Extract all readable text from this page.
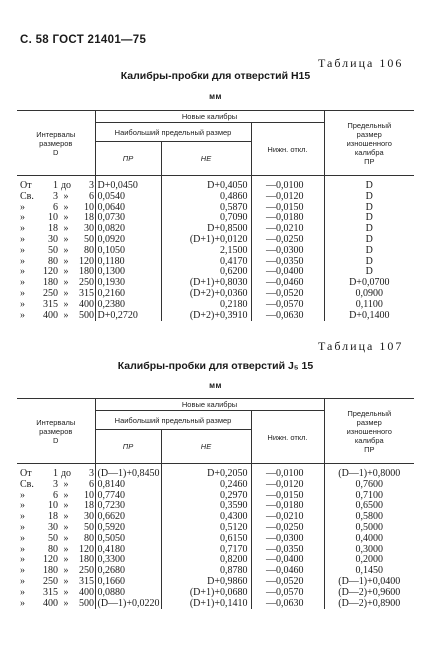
С. 58 ГОСТ 21401—75
Таблица 106
Калибры-пробки для отверстий H15
мм
Интервалы
размеров
D	Новые калибры			Предельный
размер
изношенного
калибра
ПР
	Наибольший предельный размер		Нижн. откл.	
	ПР	НЕ		
От 1 до 3	D+0,0450	D+0,4050	—0,0100	D
Св. 3 » 6	0,0540	0,4860	—0,0120	D
» 6 » 10	0,0640	0,5870	—0,0150	D
» 10 » 18	0,0730	0,7090	—0,0180	D
» 18 » 30	0,0820	D+0,8500	—0,0210	D
» 30 » 50	0,0920	(D+1)+0,0120	—0,0250	D
» 50 » 80	0,1050	2,1500	—0,0300	D
» 80 » 120	0,1180	0,4170	—0,0350	D
» 120 » 180	0,1300	0,6200	—0,0400	D
» 180 » 250	0,1930	(D+1)+0,8030	—0,0460	D+0,0700
» 250 » 315	0,2160	(D+2)+0,0360	—0,0520	0,0900
» 315 » 400	0,2380	0,2180	—0,0570	0,1100
» 400 » 500	D+0,2720	(D+2)+0,3910	—0,0630	D+0,1400
Таблица 107
Калибры-пробки для отверстий J₅ 15
мм
Интервалы
размеров
D	Новые калибры			Предельный
размер
изношенного
калибра
ПР
	Наибольший предельный размер		Нижн. откл.	
	ПР	НЕ		
От 1 до 3	(D—1)+0,8450	D+0,2050	—0,0100	(D—1)+0,8000
Св. 3 » 6	0,8140	0,2460	—0,0120	0,7600
» 6 » 10	0,7740	0,2970	—0,0150	0,7100
» 10 » 18	0,7230	0,3590	—0,0180	0,6500
» 18 » 30	0,6620	0,4300	—0,0210	0,5800
» 30 » 50	0,5920	0,5120	—0,0250	0,5000
» 50 » 80	0,5050	0,6150	—0,0300	0,4000
» 80 » 120	0,4180	0,7170	—0,0350	0,3000
» 120 » 180	0,3300	0,8200	—0,0400	0,2000
» 180 » 250	0,2680	0,8780	—0,0460	0,1450
» 250 » 315	0,1660	D+0,9860	—0,0520	(D—1)+0,0400
» 315 » 400	0,0880	(D+1)+0,0680	—0,0570	(D—2)+0,9600
» 400 » 500	(D—1)+0,0220	(D+1)+0,1410	—0,0630	(D—2)+0,8900
